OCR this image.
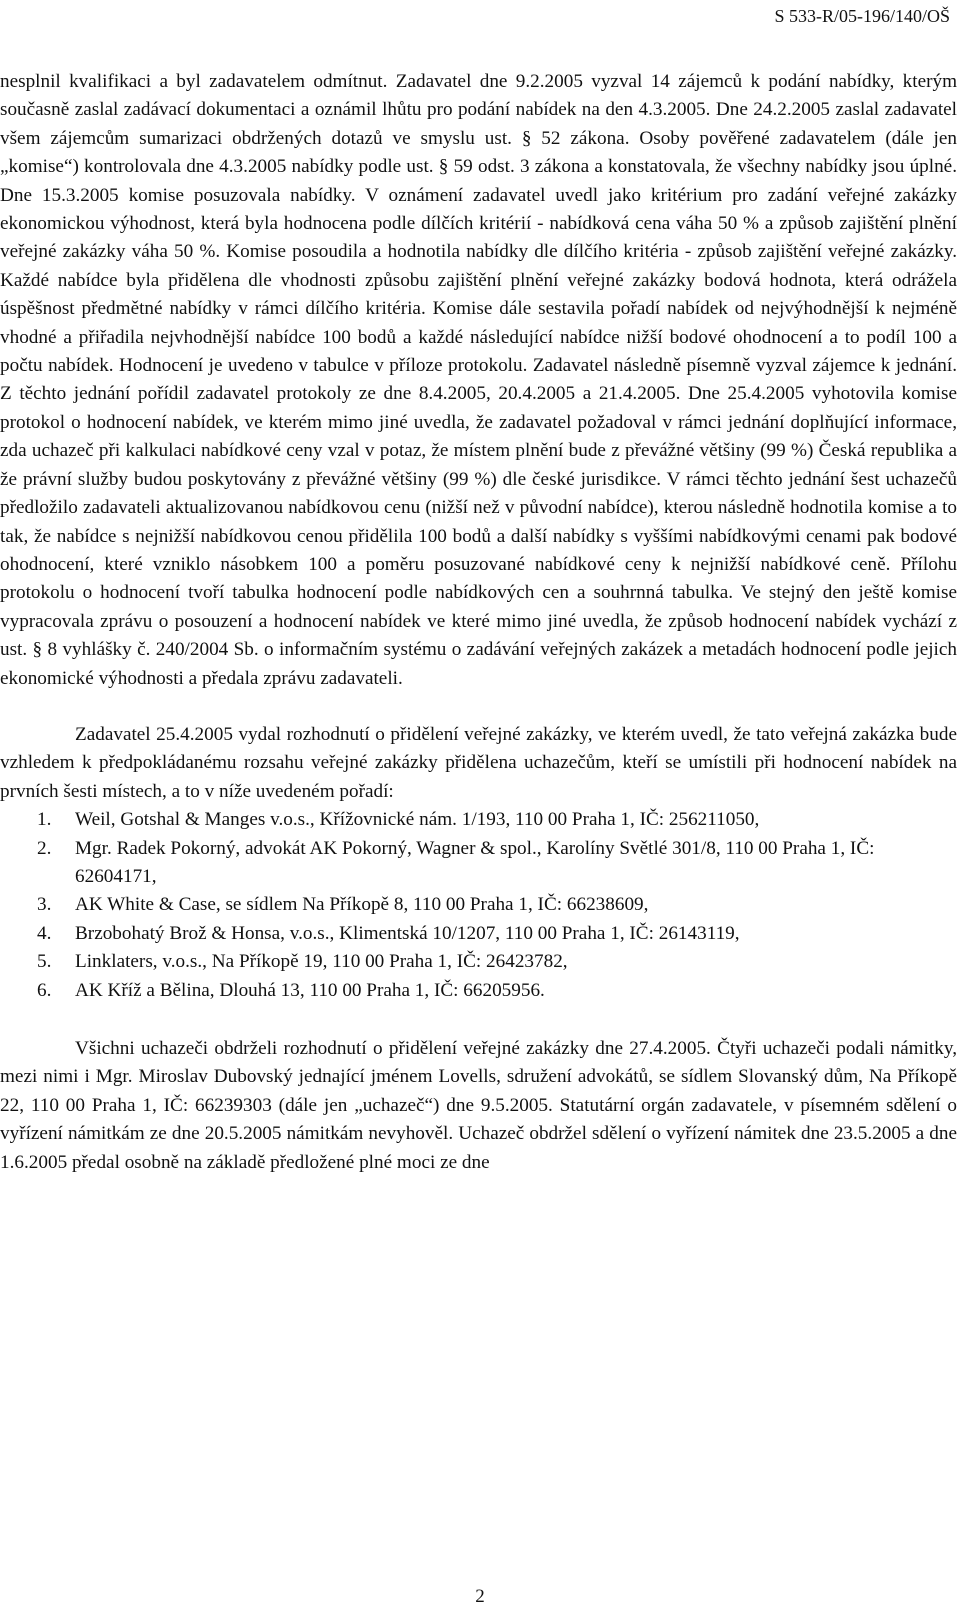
S 533-R/05-196/140/OŠ

nesplnil kvalifikaci a byl zadavatelem odmítnut. Zadavatel dne 9.2.2005 vyzval 14 zájemců k podání nabídky, kterým současně zaslal zadávací dokumentaci a oznámil lhůtu pro podání nabídek na den 4.3.2005. Dne 24.2.2005 zaslal zadavatel všem zájemcům sumarizaci obdržených dotazů ve smyslu ust. § 52 zákona. Osoby pověřené zadavatelem (dále jen „komise“) kontrolovala dne 4.3.2005 nabídky podle ust. § 59 odst. 3 zákona a konstatovala, že všechny nabídky jsou úplné. Dne 15.3.2005 komise posuzovala nabídky. V oznámení zadavatel uvedl jako kritérium pro zadání veřejné zakázky ekonomickou výhodnost, která byla hodnocena podle dílčích kritérií - nabídková cena váha 50 % a způsob zajištění plnění veřejné zakázky váha 50 %. Komise posoudila a hodnotila nabídky dle dílčího kritéria - způsob zajištění veřejné zakázky. Každé nabídce byla přidělena dle vhodnosti způsobu zajištění plnění veřejné zakázky bodová hodnota, která odrážela úspěšnost předmětné nabídky v rámci dílčího kritéria. Komise dále sestavila pořadí nabídek od nejvýhodnější k nejméně vhodné a přiřadila nejvhodnější nabídce 100 bodů a každé následující nabídce nižší bodové ohodnocení a to podíl 100 a počtu nabídek. Hodnocení je uvedeno v tabulce v příloze protokolu. Zadavatel následně písemně vyzval zájemce k jednání. Z těchto jednání pořídil zadavatel protokoly ze dne 8.4.2005, 20.4.2005 a 21.4.2005. Dne 25.4.2005 vyhotovila komise protokol o hodnocení nabídek, ve kterém mimo jiné uvedla, že zadavatel požadoval v rámci jednání doplňující informace, zda uchazeč při kalkulaci nabídkové ceny vzal v potaz, že místem plnění bude z převážné většiny (99 %) Česká republika a že právní služby budou poskytovány z převážné většiny (99 %) dle české jurisdikce. V rámci těchto jednání šest uchazečů předložilo zadavateli aktualizovanou nabídkovou cenu (nižší než v původní nabídce), kterou následně hodnotila komise a to tak, že nabídce s nejnižší nabídkovou cenou přidělila 100 bodů a další nabídky s vyššími nabídkovými cenami pak bodové ohodnocení, které vzniklo násobkem 100 a poměru posuzované nabídkové ceny k nejnižší nabídkové ceně. Přílohu protokolu o hodnocení tvoří tabulka hodnocení podle nabídkových cen a souhrnná tabulka. Ve stejný den ještě komise vypracovala zprávu o posouzení a hodnocení nabídek ve které mimo jiné uvedla, že způsob hodnocení nabídek vychází z ust. § 8 vyhlášky č. 240/2004 Sb. o informačním systému o zadávání veřejných zakázek a metadách hodnocení podle jejich ekonomické výhodnosti a předala zprávu zadavateli.

Zadavatel 25.4.2005 vydal rozhodnutí o přidělení veřejné zakázky, ve kterém uvedl, že tato veřejná zakázka bude vzhledem k předpokládanému rozsahu veřejné zakázky přidělena uchazečům, kteří se umístili při hodnocení nabídek na prvních šesti místech, a to v níže uvedeném pořadí:

1. Weil, Gotshal & Manges v.o.s., Křížovnické nám. 1/193, 110 00 Praha 1, IČ: 256211050,
2. Mgr. Radek Pokorný, advokát AK Pokorný, Wagner & spol., Karolíny Světlé 301/8, 110 00 Praha 1, IČ: 62604171,
3. AK White & Case, se sídlem Na Příkopě 8, 110 00 Praha 1, IČ: 66238609,
4. Brzobohatý Brož & Honsa, v.o.s., Klimentská 10/1207, 110 00 Praha 1, IČ: 26143119,
5. Linklaters, v.o.s., Na Příkopě 19, 110 00 Praha 1, IČ: 26423782,
6. AK Kříž a Bělina, Dlouhá 13, 110 00 Praha 1, IČ: 66205956.

Všichni uchazeči obdrželi rozhodnutí o přidělení veřejné zakázky dne 27.4.2005. Čtyři uchazeči podali námitky, mezi nimi i Mgr. Miroslav Dubovský jednající jménem Lovells, sdružení advokátů, se sídlem Slovanský dům, Na Příkopě 22, 110 00 Praha 1, IČ: 66239303 (dále jen „uchazeč“) dne 9.5.2005. Statutární orgán zadavatele, v písemném sdělení o vyřízení námitkám ze dne 20.5.2005 námitkám nevyhověl. Uchazeč obdržel sdělení o vyřízení námitek dne 23.5.2005 a dne 1.6.2005 předal osobně na základě předložené plné moci ze dne

2
